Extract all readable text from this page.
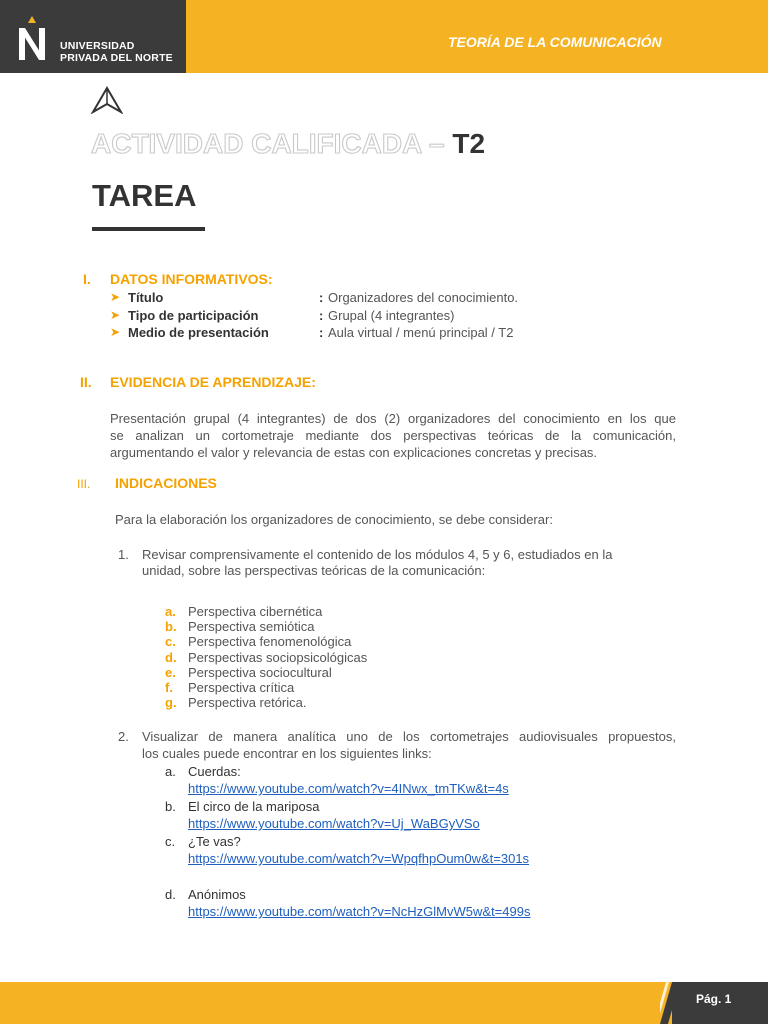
UNIVERSIDAD
PRIVADA DEL NORTE
TEORÍA DE LA COMUNICACIÓN
ACTIVIDAD CALIFICADA – T2
TAREA
I. DATOS INFORMATIVOS:
➤ Título	: Organizadores del conocimiento.
➤ Tipo de participación	: Grupal (4 integrantes)
➤ Medio de presentación	: Aula virtual / menú principal / T2
II. EVIDENCIA DE APRENDIZAJE:
Presentación grupal (4 integrantes) de dos (2) organizadores del conocimiento en los que
se analizan un cortometraje mediante dos perspectivas teóricas de la comunicación,
argumentando el valor y relevancia de estas con explicaciones concretas y precisas.
III. INDICACIONES
Para la elaboración los organizadores de conocimiento, se debe considerar:
1. Revisar comprensivamente el contenido de los módulos 4, 5 y 6, estudiados en la
unidad, sobre las perspectivas teóricas de la comunicación:
a. Perspectiva cibernética
b. Perspectiva semiótica
c. Perspectiva fenomenológica
d. Perspectivas sociopsicológicas
e. Perspectiva sociocultural
f. Perspectiva crítica
g. Perspectiva retórica.
2. Visualizar de manera analítica uno de los cortometrajes audiovisuales propuestos,
los cuales puede encontrar en los siguientes links:
a. Cuerdas:
https://www.youtube.com/watch?v=4INwx_tmTKw&t=4s
b. El circo de la mariposa
https://www.youtube.com/watch?v=Uj_WaBGyVSo
c. ¿Te vas?
https://www.youtube.com/watch?v=WpqfhpOum0w&t=301s
d. Anónimos
https://www.youtube.com/watch?v=NcHzGlMvW5w&t=499s
Pág. 1
